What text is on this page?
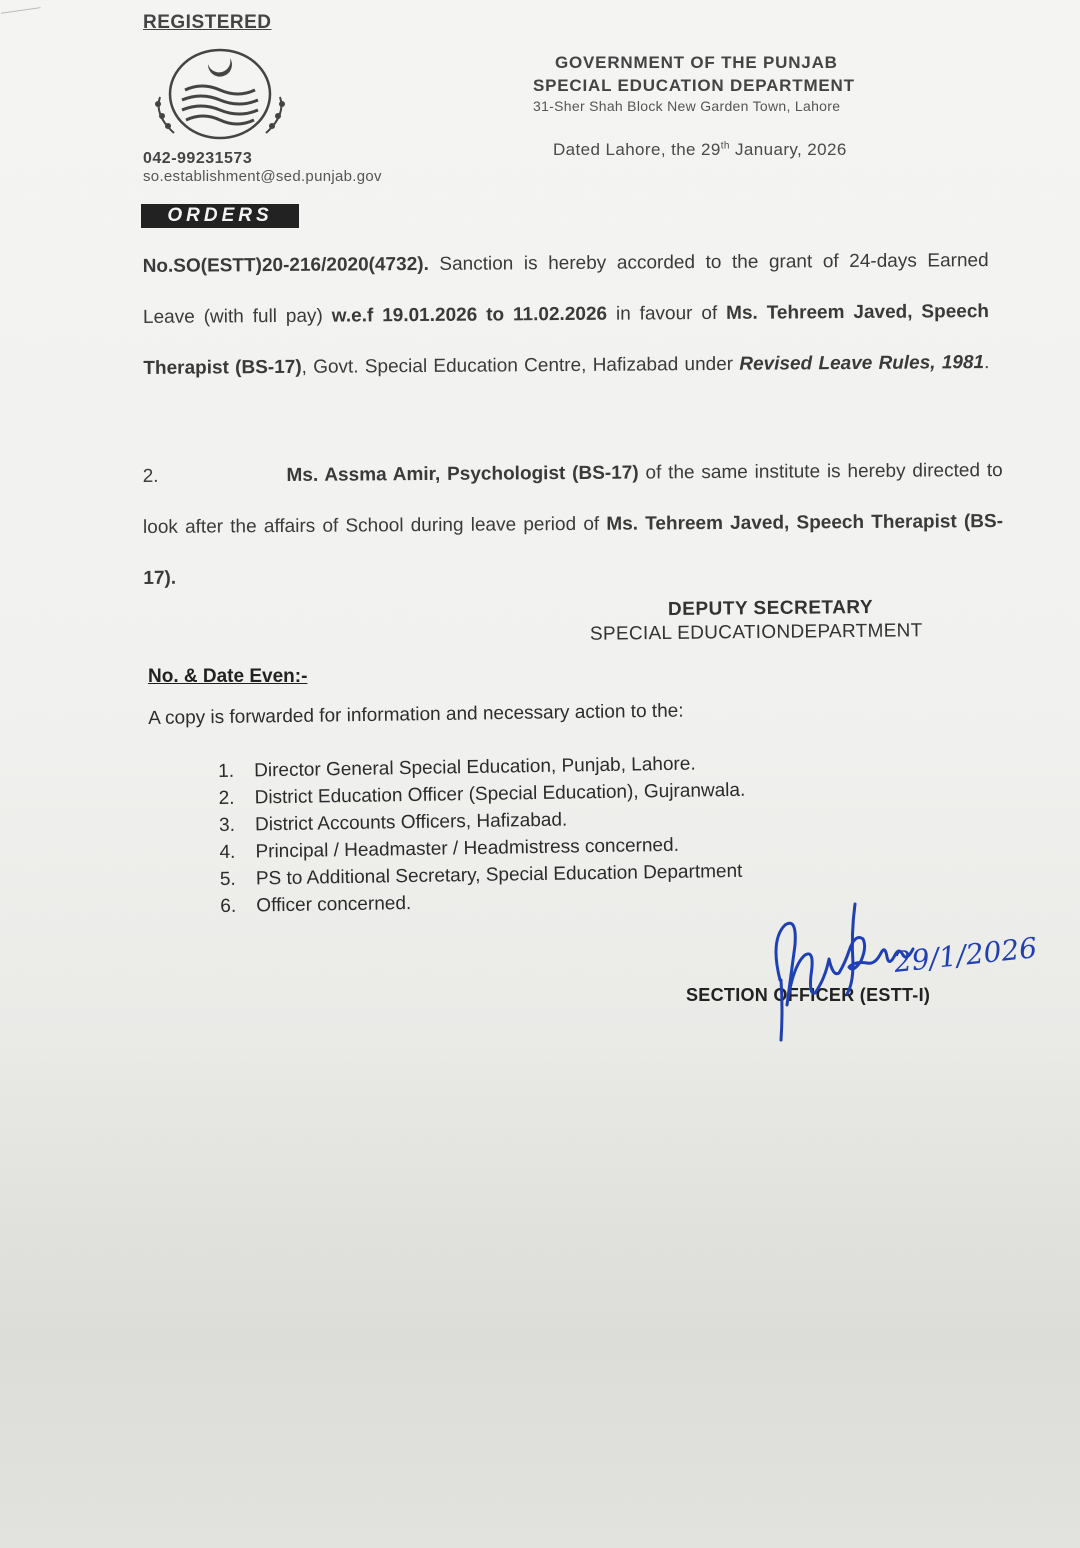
REGISTERED
042-99231573
so.establishment@sed.punjab.gov
GOVERNMENT OF THE PUNJAB
SPECIAL EDUCATION DEPARTMENT
31-Sher Shah Block New Garden Town, Lahore
Dated Lahore, the 29th January, 2026
ORDERS
No.SO(ESTT)20-216/2020(4732). Sanction is hereby accorded to the grant of 24-days Earned Leave (with full pay) w.e.f 19.01.2026 to 11.02.2026 in favour of Ms. Tehreem Javed, Speech Therapist (BS-17), Govt. Special Education Centre, Hafizabad under Revised Leave Rules, 1981.
2.	Ms. Assma Amir, Psychologist (BS-17) of the same institute is hereby directed to look after the affairs of School during leave period of Ms. Tehreem Javed, Speech Therapist (BS-17).
DEPUTY SECRETARY
SPECIAL EDUCATIONDEPARTMENT
No. & Date Even:-
A copy is forwarded for information and necessary action to the:
1. Director General Special Education, Punjab, Lahore.
2. District Education Officer (Special Education), Gujranwala.
3. District Accounts Officers, Hafizabad.
4. Principal / Headmaster / Headmistress concerned.
5. PS to Additional Secretary, Special Education Department
6. Officer concerned.
SECTION OFFICER (ESTT-I)
29/1/2026
